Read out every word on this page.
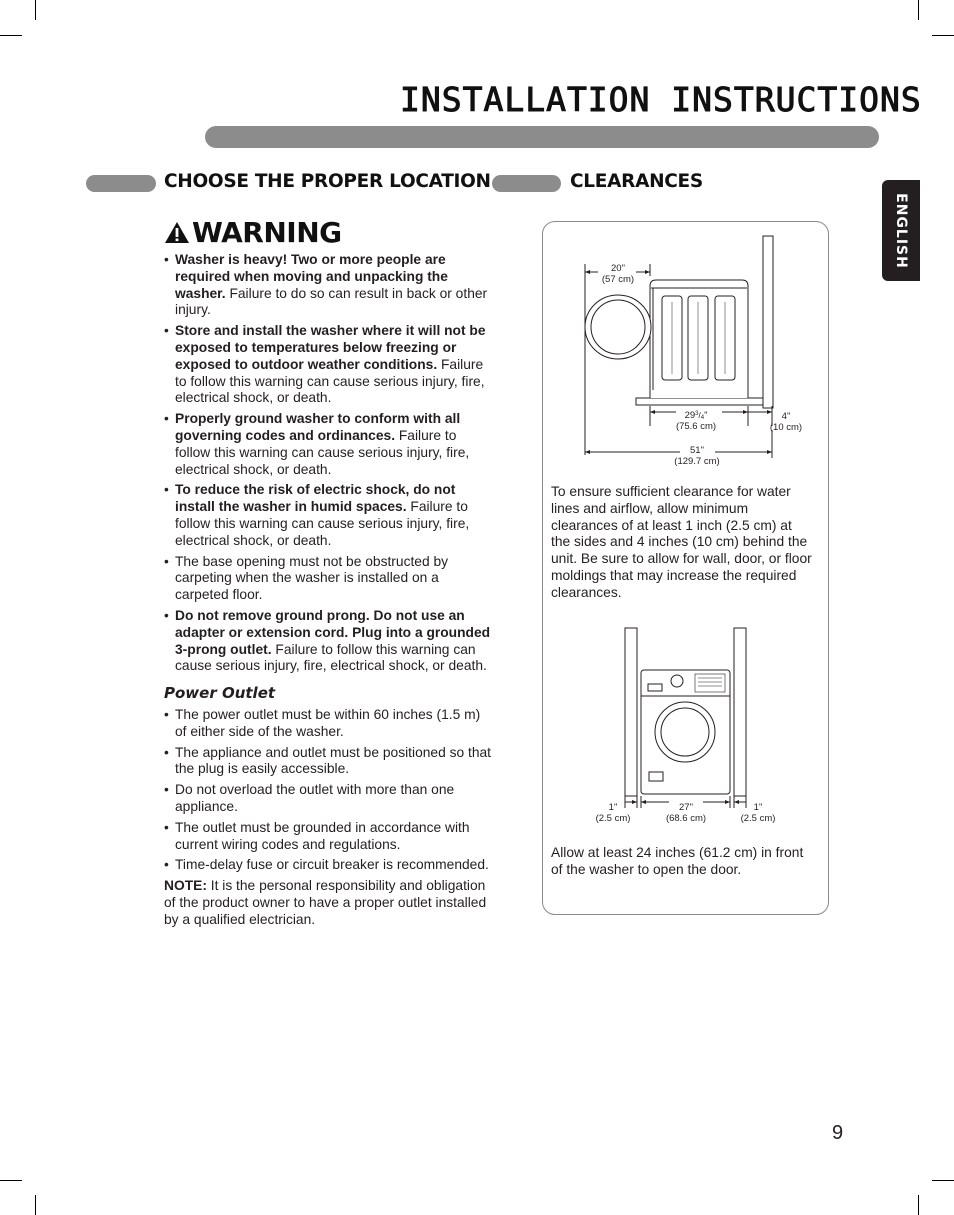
INSTALLATION INSTRUCTIONS
ENGLISH
CHOOSE THE PROPER LOCATION	CLEARANCES
WARNING
• Washer is heavy! Two or more people are required when moving and unpacking the washer. Failure to do so can result in back or other injury.
• Store and install the washer where it will not be exposed to temperatures below freezing or exposed to outdoor weather conditions. Failure to follow this warning can cause serious injury, fire, electrical shock, or death.
• Properly ground washer to conform with all governing codes and ordinances. Failure to follow this warning can cause serious injury, fire, electrical shock, or death.
• To reduce the risk of electric shock, do not install the washer in humid spaces. Failure to follow this warning can cause serious injury, fire, electrical shock, or death.
• The base opening must not be obstructed by carpeting when the washer is installed on a carpeted floor.
• Do not remove ground prong. Do not use an adapter or extension cord. Plug into a grounded 3-prong outlet. Failure to follow this warning can cause serious injury, fire, electrical shock, or death.
Power Outlet
• The power outlet must be within 60 inches (1.5 m) of either side of the washer.
• The appliance and outlet must be positioned so that the plug is easily accessible.
• Do not overload the outlet with more than one appliance.
• The outlet must be grounded in accordance with current wiring codes and regulations.
• Time-delay fuse or circuit breaker is recommended.
NOTE: It is the personal responsibility and obligation of the product owner to have a proper outlet installed by a qualified electrician.
20"
(57 cm)
$29^3_/4$"
(75.6 cm)
4"
(10 cm)
51"
(129.7 cm)
To ensure sufficient clearance for water lines and airflow, allow minimum clearances of at least 1 inch (2.5 cm) at the sides and 4 inches (10 cm) behind the unit. Be sure to allow for wall, door, or floor moldings that may increase the required clearances.
1"
(2.5 cm)
27"
(68.6 cm)
1"
(2.5 cm)
Allow at least 24 inches (61.2 cm) in front of the washer to open the door.
9
